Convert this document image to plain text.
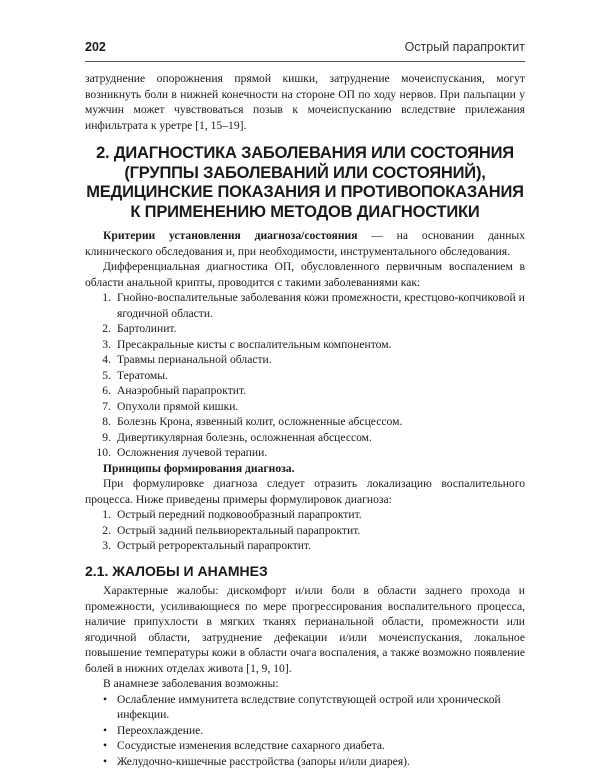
202	Острый парапроктит

затруднение опорожнения прямой кишки, затруднение мочеиспускания, могут возникнуть боли в нижней конечности на стороне ОП по ходу нервов. При пальпации у мужчин может чувствоваться позыв к мочеиспусканию вследствие прилежания инфильтрата к уретре [1, 15–19].

2. ДИАГНОСТИКА ЗАБОЛЕВАНИЯ ИЛИ СОСТОЯНИЯ
(ГРУППЫ ЗАБОЛЕВАНИЙ ИЛИ СОСТОЯНИЙ),
МЕДИЦИНСКИЕ ПОКАЗАНИЯ И ПРОТИВОПОКАЗАНИЯ
К ПРИМЕНЕНИЮ МЕТОДОВ ДИАГНОСТИКИ

Критерии установления диагноза/состояния — на основании данных клинического обследования и, при необходимости, инструментального обследования.

Дифференциальная диагностика ОП, обусловленного первичным воспалением в области анальной крипты, проводится с такими заболеваниями как:

1. Гнойно-воспалительные заболевания кожи промежности, крестцово-копчиковой и ягодичной области.
2. Бартолинит.
3. Пресакральные кисты с воспалительным компонентом.
4. Травмы перианальной области.
5. Тератомы.
6. Анаэробный парапроктит.
7. Опухоли прямой кишки.
8. Болезнь Крона, язвенный колит, осложненные абсцессом.
9. Дивертикулярная болезнь, осложненная абсцессом.
10. Осложнения лучевой терапии.

Принципы формирования диагноза.

При формулировке диагноза следует отразить локализацию воспалительного процесса. Ниже приведены примеры формулировок диагноза:

1. Острый передний подковообразный парапроктит.
2. Острый задний пельвиоректальный парапроктит.
3. Острый ретроректальный парапроктит.
2.1. ЖАЛОБЫ И АНАМНЕЗ

Характерные жалобы: дискомфорт и/или боли в области заднего прохода и промежности, усиливающиеся по мере прогрессирования воспалительного процесса, наличие припухлости в мягких тканях перианальной области, промежности или ягодичной области, затруднение дефекации и/или мочеиспускания, локальное повышение температуры кожи в области очага воспаления, а также возможно появление болей в нижних отделах живота [1, 9, 10].

В анамнезе заболевания возможны:

• Ослабление иммунитета вследствие сопутствующей острой или хронической инфекции.
• Переохлаждение.
• Сосудистые изменения вследствие сахарного диабета.
• Желудочно-кишечные расстройства (запоры и/или диарея).
